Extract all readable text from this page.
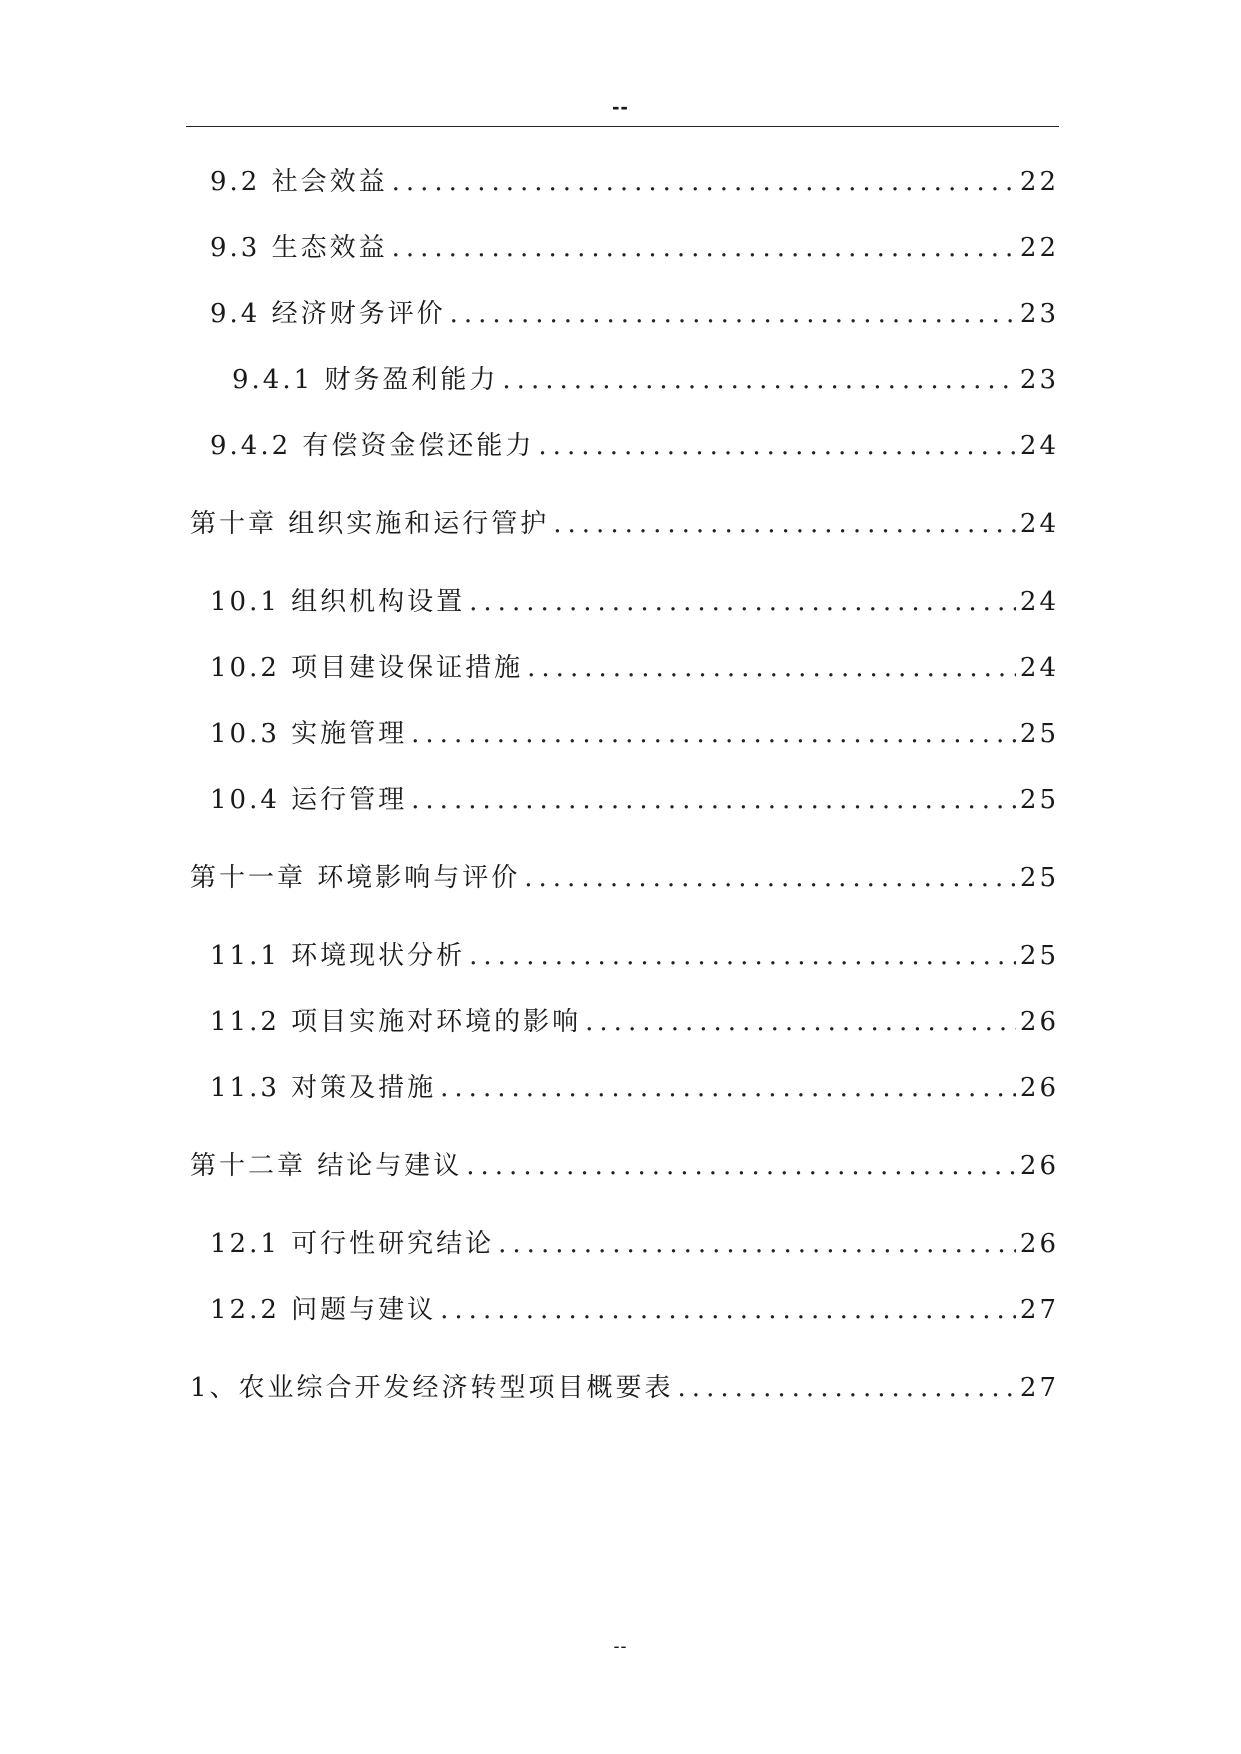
--
9.2 社会效益 .....	22
9.3 生态效益 .....	22
9.4 经济财务评价 .....	23
9.4.1 财务盈利能力 .....	23
9.4.2 有偿资金偿还能力 .....	24
第十章 组织实施和运行管护 .....	24
10.1 组织机构设置 .....	24
10.2 项目建设保证措施 .....	24
10.3 实施管理 .....	25
10.4 运行管理 .....	25
第十一章 环境影响与评价 .....	25
11.1 环境现状分析 .....	25
11.2 项目实施对环境的影响 .....	26
11.3 对策及措施 .....	26
第十二章 结论与建议 .....	26
12.1 可行性研究结论 .....	26
12.2 问题与建议 .....	27
1、农业综合开发经济转型项目概要表 .....	27
--
